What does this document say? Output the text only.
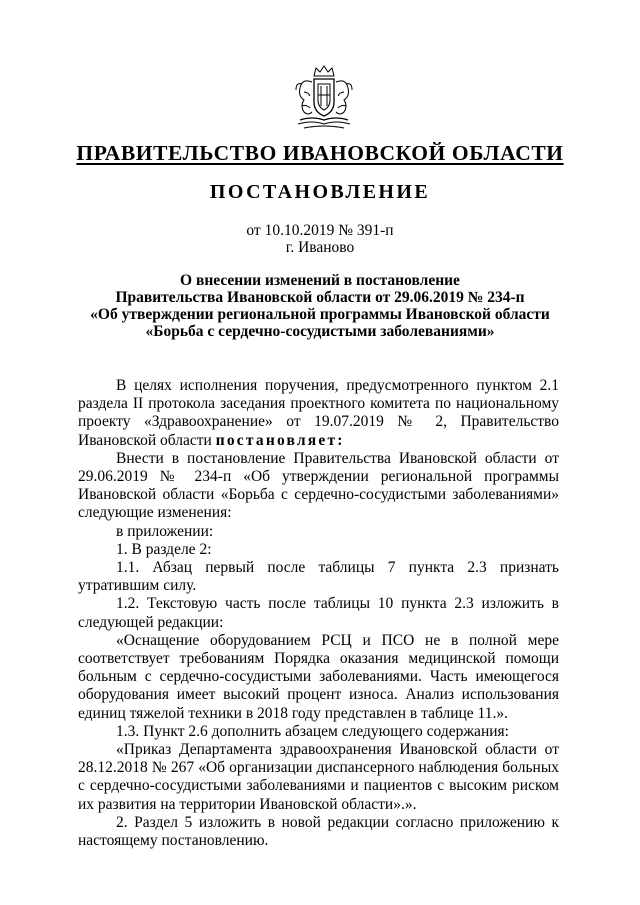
ПРАВИТЕЛЬСТВО ИВАНОВСКОЙ ОБЛАСТИ
ПОСТАНОВЛЕНИЕ
от 10.10.2019 № 391-п
г. Иваново
О внесении изменений в постановление
Правительства Ивановской области от 29.06.2019 № 234-п
«Об утверждении региональной программы Ивановской области
«Борьба с сердечно-сосудистыми заболеваниями»

В целях исполнения поручения, предусмотренного пунктом 2.1 раздела II протокола заседания проектного комитета по национальному проекту «Здравоохранение» от 19.07.2019 № 2, Правительство Ивановской области постановляет:

Внести в постановление Правительства Ивановской области от 29.06.2019 № 234-п «Об утверждении региональной программы Ивановской области «Борьба с сердечно-сосудистыми заболеваниями» следующие изменения:

в приложении:

1. В разделе 2:

1.1. Абзац первый после таблицы 7 пункта 2.3 признать утратившим силу.

1.2. Текстовую часть после таблицы 10 пункта 2.3 изложить в следующей редакции:

«Оснащение оборудованием РСЦ и ПСО не в полной мере соответствует требованиям Порядка оказания медицинской помощи больным с сердечно-сосудистыми заболеваниями. Часть имеющегося оборудования имеет высокий процент износа. Анализ использования единиц тяжелой техники в 2018 году представлен в таблице 11.».

1.3. Пункт 2.6 дополнить абзацем следующего содержания:

«Приказ Департамента здравоохранения Ивановской области от 28.12.2018 № 267 «Об организации диспансерного наблюдения больных с сердечно-сосудистыми заболеваниями и пациентов с высоким риском их развития на территории Ивановской области».».

2. Раздел 5 изложить в новой редакции согласно приложению к настоящему постановлению.
